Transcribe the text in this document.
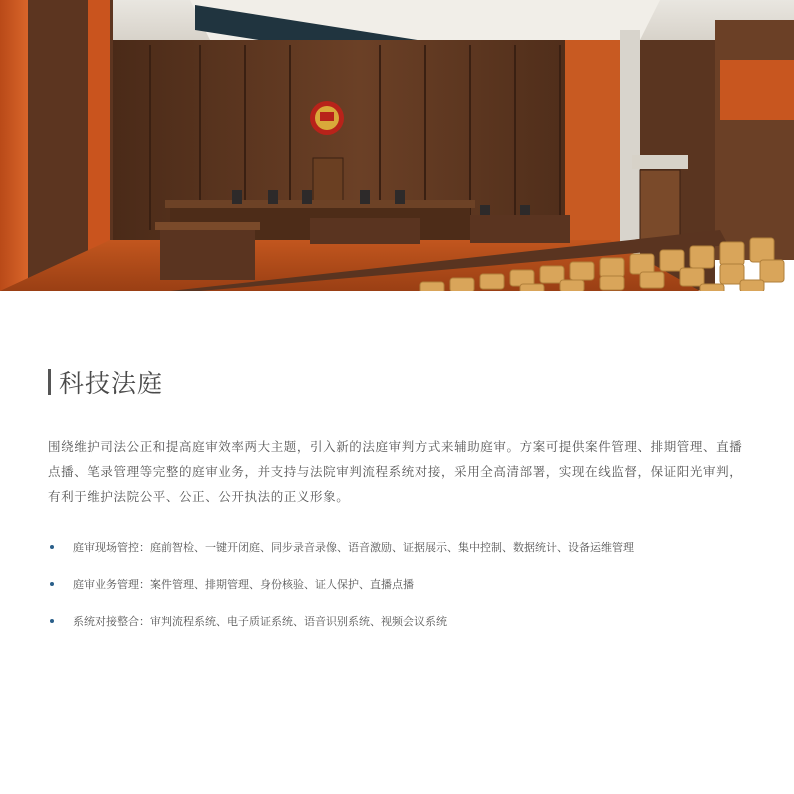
科技法庭
围绕维护司法公正和提高庭审效率两大主题，引入新的法庭审判方式来辅助庭审。方案可提供案件管理、排期管理、直播
点播、笔录管理等完整的庭审业务，并支持与法院审判流程系统对接，采用全高清部署，实现在线监督，保证阳光审判，
有利于维护法院公平、公正、公开执法的正义形象。
庭审现场管控：庭前智检、一键开闭庭、同步录音录像、语音激励、证据展示、集中控制、数据统计、设备运维管理
庭审业务管理：案件管理、排期管理、身份核验、证人保护、直播点播
系统对接整合：审判流程系统、电子质证系统、语音识别系统、视频会议系统
